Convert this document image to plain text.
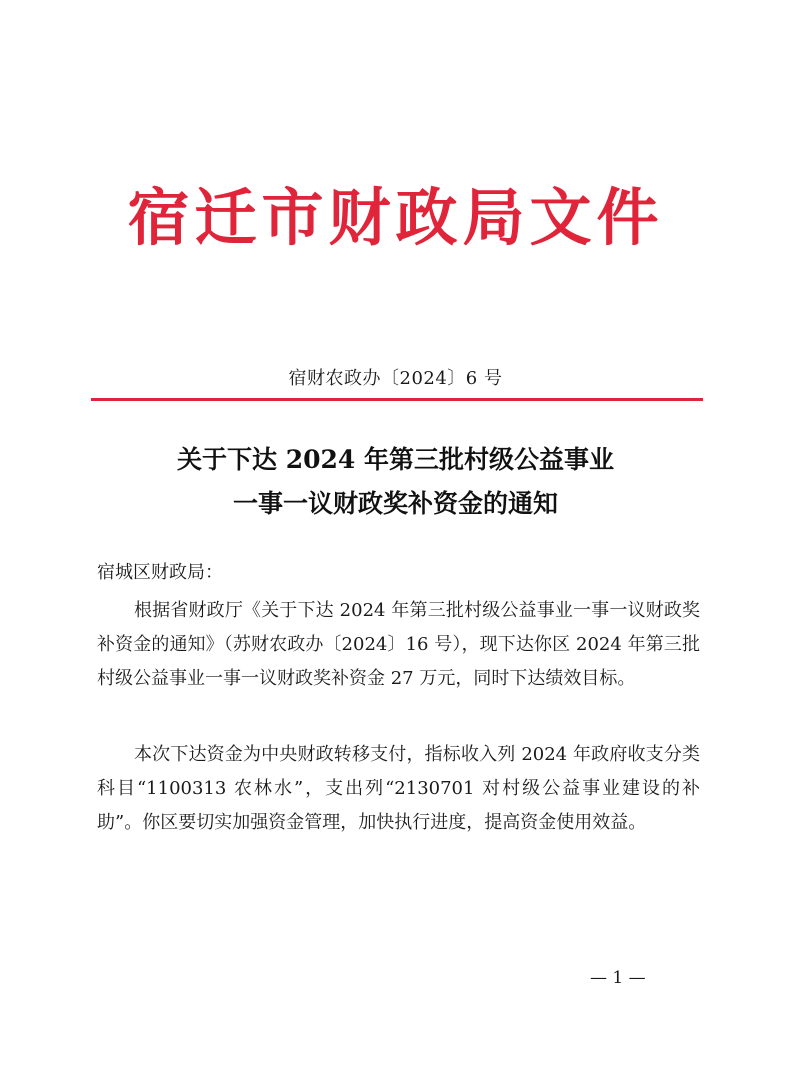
宿迁市财政局文件
宿财农政办〔2024〕6 号
关于下达 2024 年第三批村级公益事业
一事一议财政奖补资金的通知
宿城区财政局：

根据省财政厅《关于下达 2024 年第三批村级公益事业一事一议财政奖补资金的通知》（苏财农政办〔2024〕16 号），现下达你区 2024 年第三批村级公益事业一事一议财政奖补资金 27 万元，同时下达绩效目标。

本次下达资金为中央财政转移支付，指标收入列 2024 年政府收支分类科目“1100313 农林水”，支出列“2130701 对村级公益事业建设的补助”。你区要切实加强资金管理，加快执行进度，提高资金使用效益。

— 1 —
